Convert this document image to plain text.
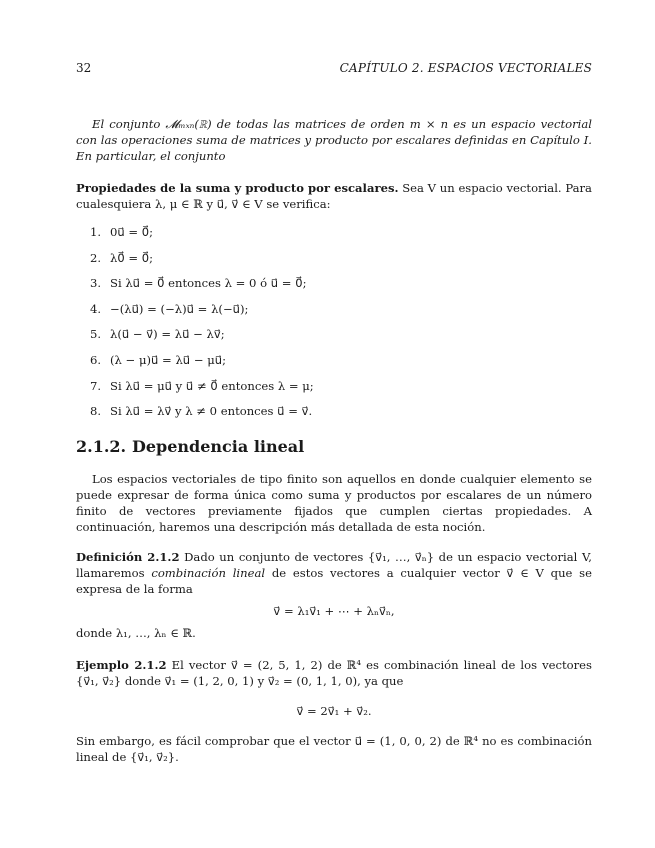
32	CAPÍTULO 2. ESPACIOS VECTORIALES

El conjunto 𝓜ₘₓₙ(ℝ) de todas las matrices de orden m × n es un espacio vectorial con las operaciones suma de matrices y producto por escalares definidas en Capítulo I. En particular, el conjunto

Propiedades de la suma y producto por escalares. Sea V un espacio vectorial. Para cualesquiera λ, μ ∈ ℝ y u⃗, v⃗ ∈ V se verifica:

1. 0u⃗ = 0⃗;
2. λ0⃗ = 0⃗;
3. Si λu⃗ = 0⃗ entonces λ = 0 ó u⃗ = 0⃗;
4. −(λu⃗) = (−λ)u⃗ = λ(−u⃗);
5. λ(u⃗ − v⃗) = λu⃗ − λv⃗;
6. (λ − μ)u⃗ = λu⃗ − μu⃗;
7. Si λu⃗ = μu⃗ y u⃗ ≠ 0⃗ entonces λ = μ;
8. Si λu⃗ = λv⃗ y λ ≠ 0 entonces u⃗ = v⃗.
2.1.2. Dependencia lineal

Los espacios vectoriales de tipo finito son aquellos en donde cualquier elemento se puede expresar de forma única como suma y productos por escalares de un número finito de vectores previamente fijados que cumplen ciertas propiedades. A continuación, haremos una descripción más detallada de esta noción.

Definición 2.1.2 Dado un conjunto de vectores {v⃗₁, …, v⃗ₙ} de un espacio vectorial V, llamaremos combinación lineal de estos vectores a cualquier vector v⃗ ∈ V que se expresa de la forma
v⃗ = λ₁v⃗₁ + ⋯ + λₙv⃗ₙ,
donde λ₁, …, λₙ ∈ ℝ.
Ejemplo 2.1.2 El vector v⃗ = (2, 5, 1, 2) de ℝ⁴ es combinación lineal de los vectores {v⃗₁, v⃗₂} donde v⃗₁ = (1, 2, 0, 1) y v⃗₂ = (0, 1, 1, 0), ya que
v⃗ = 2v⃗₁ + v⃗₂.
Sin embargo, es fácil comprobar que el vector u⃗ = (1, 0, 0, 2) de ℝ⁴ no es combinación lineal de {v⃗₁, v⃗₂}.
